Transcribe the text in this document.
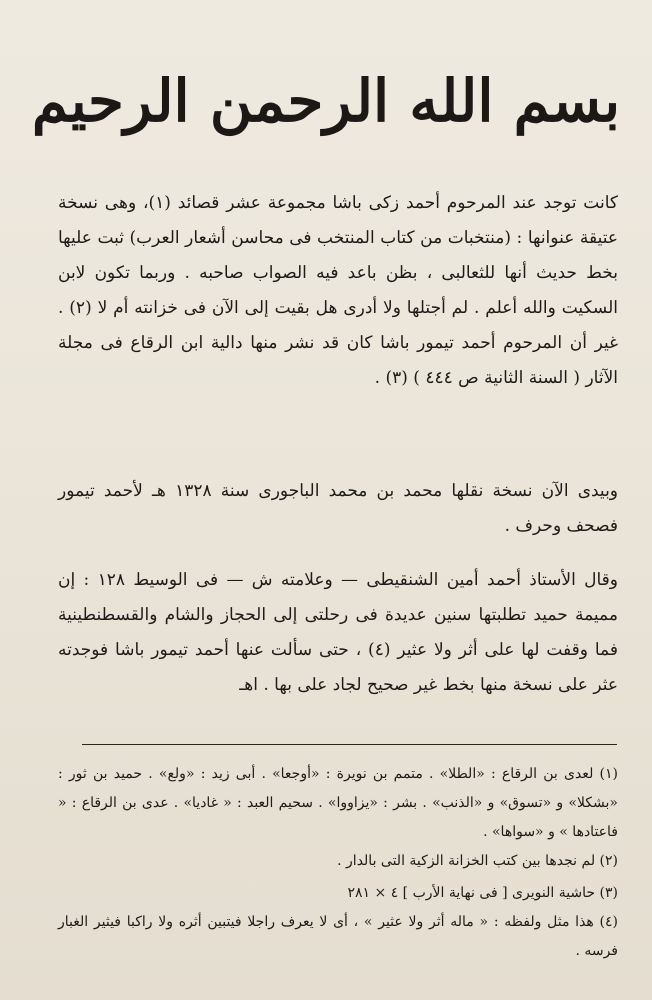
بسم الله الرحمن الرحيم

كانت توجد عند المرحوم أحمد زكى باشا مجموعة عشر قصائد (١)، وهى نسخة عتيقة عنوانها : (منتخبات من كتاب المنتخب فى محاسن أشعار العرب) ثبت عليها بخط حديث أنها للثعالبى ، بظن باعد فيه الصواب صاحبه . وربما تكون لابن السكيت والله أعلم . لم أجتلها ولا أدرى هل بقيت إلى الآن فى خزانته أم لا (٢) . غير أن المرحوم أحمد تيمور باشا كان قد نشر منها دالية ابن الرقاع فى مجلة الآثار ( السنة الثانية ص ٤٤٤ ) (٣) .

وبيدى الآن نسخة نقلها محمد بن محمد الباجورى سنة ١٣٢٨ هـ لأحمد تيمور فصحف وحرف .

وقال الأستاذ أحمد أمين الشنقيطى — وعلامته ش — فى الوسيط ١٢٨ : إن مميمة حميد تطلبتها سنين عديدة فى رحلتى إلى الحجاز والشام والقسطنطينية فما وقفت لها على أثر ولا عثير (٤) ، حتى سألت عنها أحمد تيمور باشا فوجدته عثر على نسخة منها بخط غير صحيح لجاد على بها . اهـ

(١) لعدى بن الرقاع : «الطلا» . متمم بن نويرة : «أوجعا» . أبى زيد : «ولع» . حميد بن ثور : «بشكلا» و «تسوق» و «الذنب» . بشر : «يزاووا» . سحيم العبد : « غاديا» . عدى بن الرقاع : « فاعتادها » و «سواها» .

(٢) لم نجدها بين كتب الخزانة الزكية التى بالدار .

(٣) حاشية النويرى [ فى نهاية الأرب ] ٤ × ٢٨١

(٤) هذا مثل ولفظه : « ماله أثر ولا عثير » ، أى لا يعرف راجلا فيتبين أثره ولا راكبا فيثير الغبار فرسه .
